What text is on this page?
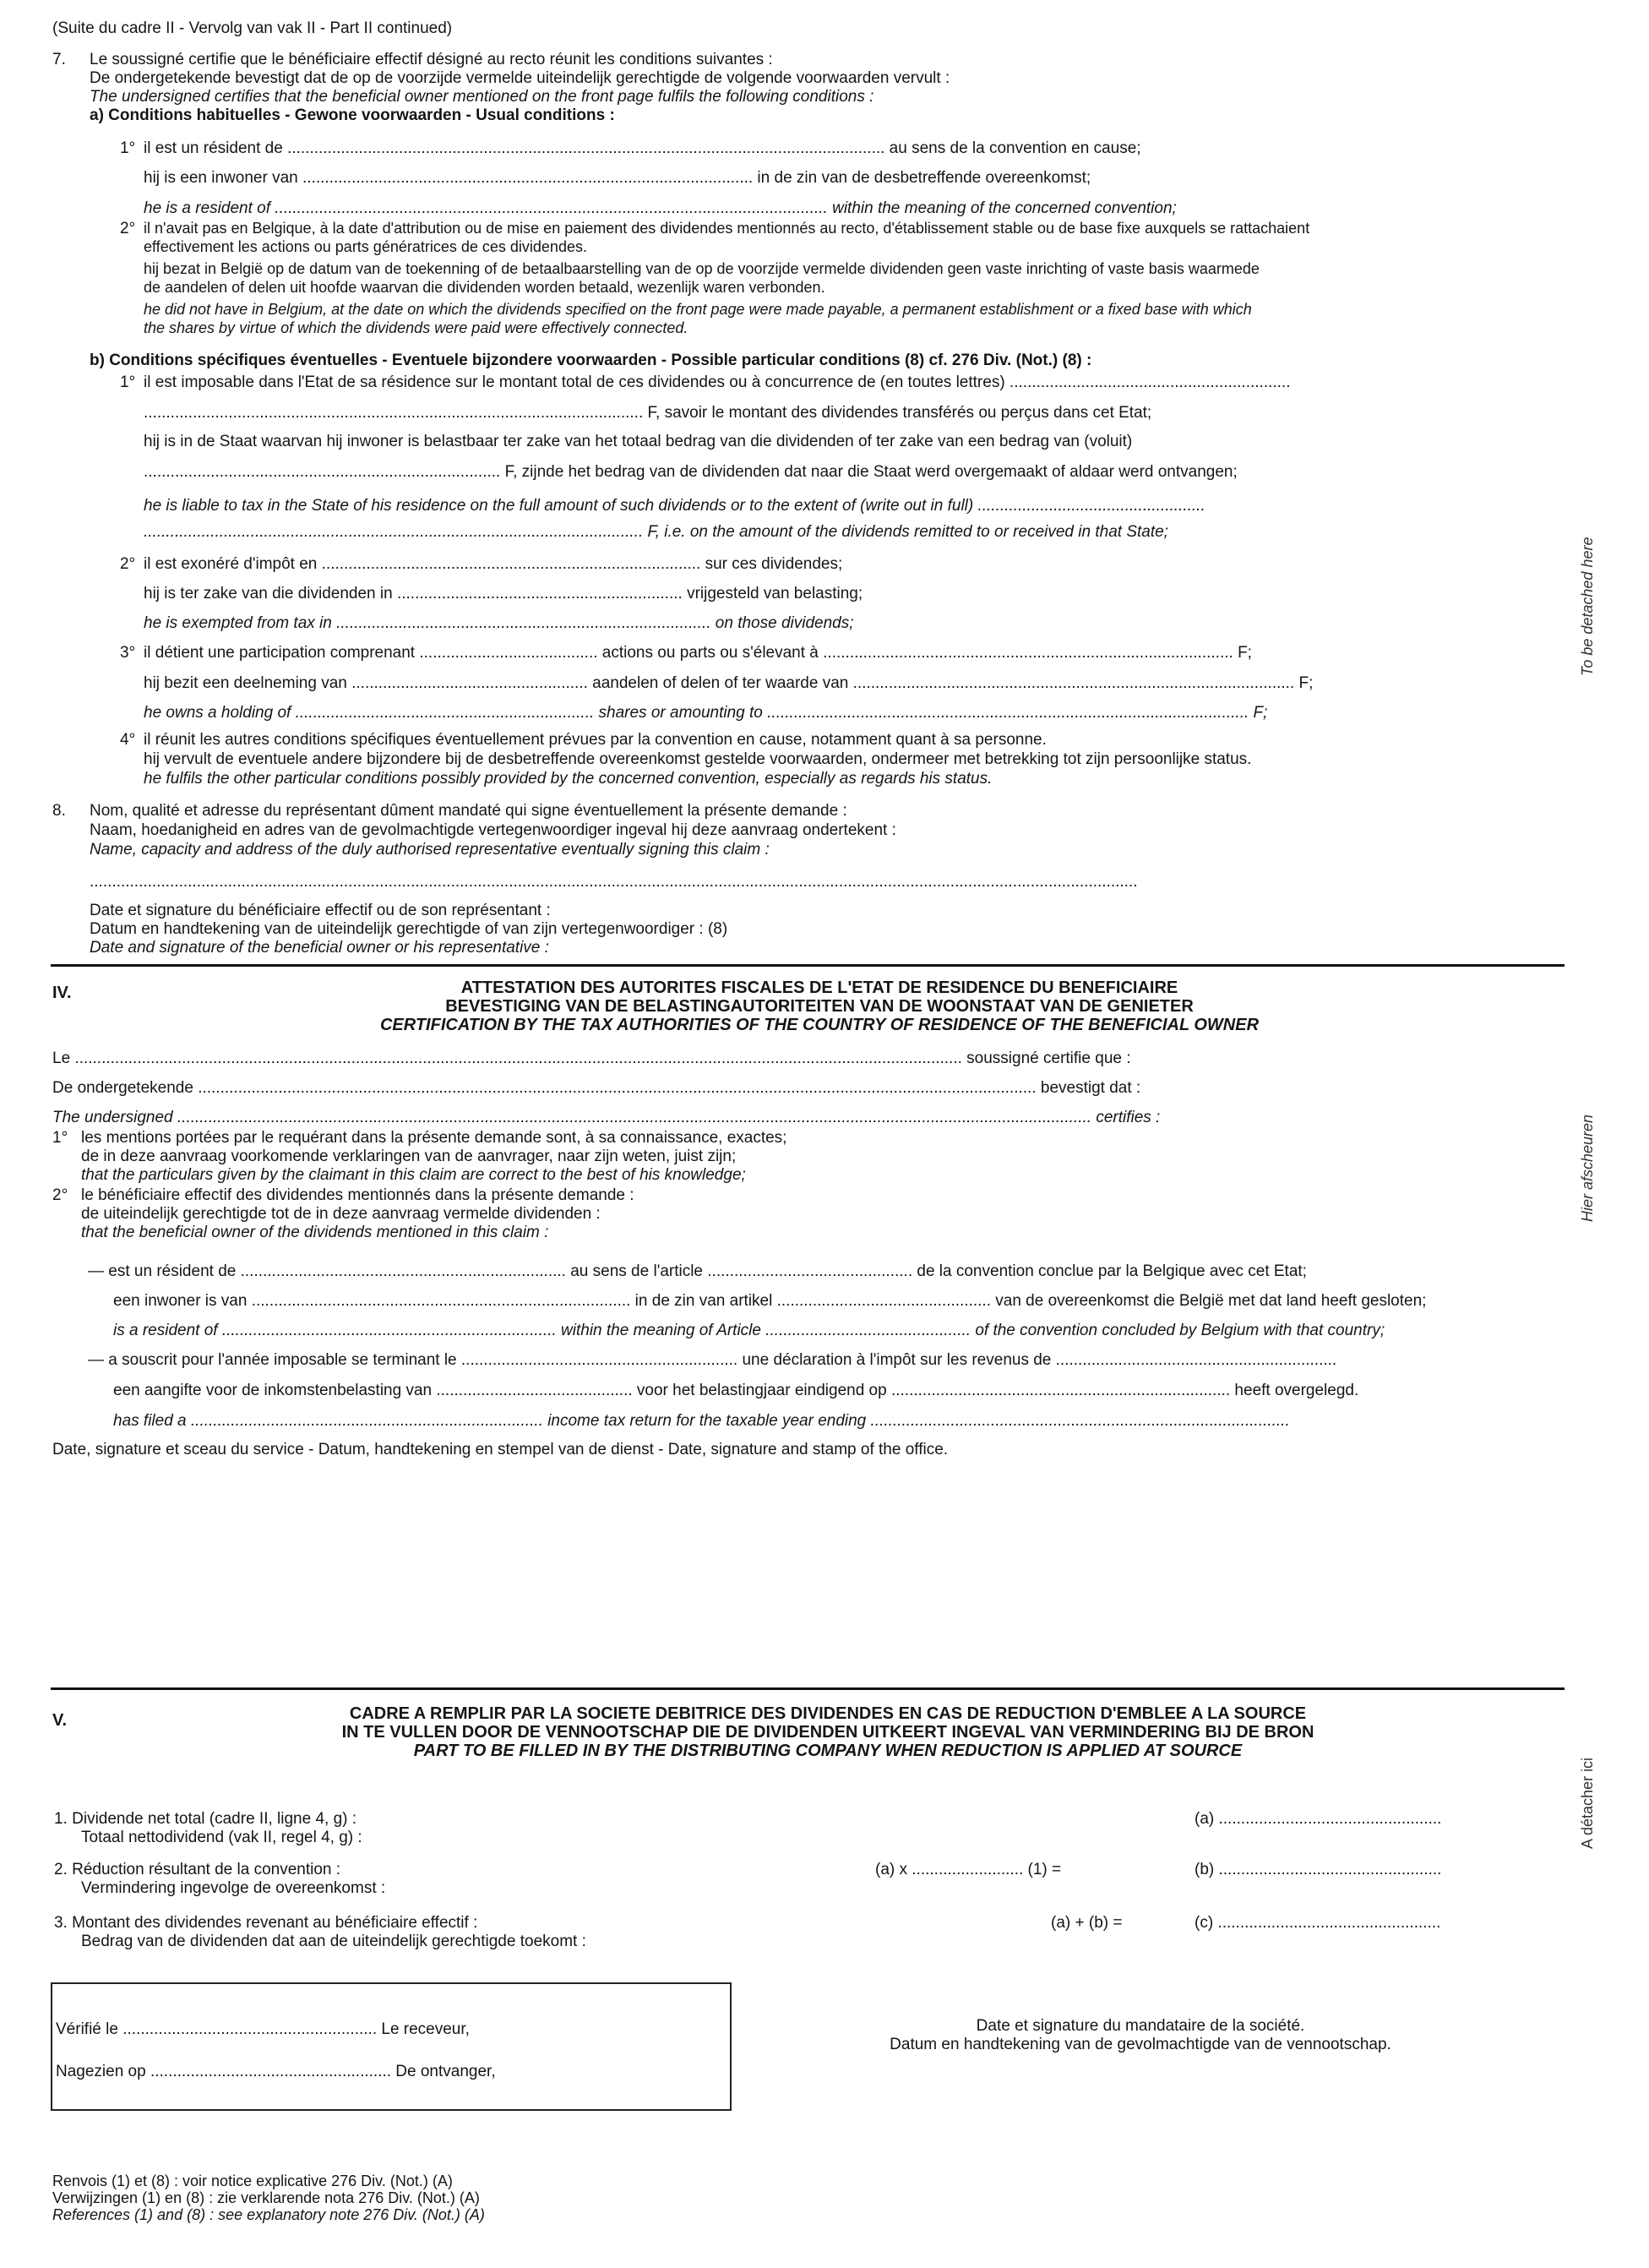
(Suite du cadre II - Vervolg van vak II - Part II continued)
7. Le soussigné certifie que le bénéficiaire effectif désigné au recto réunit les conditions suivantes :
De ondergetekende bevestigt dat de op de voorzijde vermelde uiteindelijk gerechtigde de volgende voorwaarden vervult :
The undersigned certifies that the beneficial owner mentioned on the front page fulfils the following conditions :
a) Conditions habituelles - Gewone voorwaarden - Usual conditions :
1° il est un résident de ...................................................................................................................................... au sens de la convention en cause;
hij is een inwoner van ..................................................................................................... in de zin van de desbetreffende overeenkomst;
he is a resident of ............................................................................................................................ within the meaning of the concerned convention;
2° il n'avait pas en Belgique, à la date d'attribution ou de mise en paiement des dividendes mentionnés au recto, d'établissement stable ou de base fixe auxquels se rattachaient
effectivement les actions ou parts génératrices de ces dividendes.
hij bezat in België op de datum van de toekenning of de betaalbaarstelling van de op de voorzijde vermelde dividenden geen vaste inrichting of vaste basis waarmede
de aandelen of delen uit hoofde waarvan die dividenden worden betaald, wezenlijk waren verbonden.
he did not have in Belgium, at the date on which the dividends specified on the front page were made payable, a permanent establishment or a fixed base with which
the shares by virtue of which the dividends were paid were effectively connected.
b) Conditions spécifiques éventuelles - Eventuele bijzondere voorwaarden - Possible particular conditions (8) cf. 276 Div. (Not.) (8) :
1° il est imposable dans l'Etat de sa résidence sur le montant total de ces dividendes ou à concurrence de (en toutes lettres) ...............................................................
................................................................................................................ F, savoir le montant des dividendes transférés ou perçus dans cet Etat;
hij is in de Staat waarvan hij inwoner is belastbaar ter zake van het totaal bedrag van die dividenden of ter zake van een bedrag van (voluit)
................................................................................ F, zijnde het bedrag van de dividenden dat naar die Staat werd overgemaakt of aldaar werd ontvangen;
he is liable to tax in the State of his residence on the full amount of such dividends or to the extent of (write out in full) ...................................................
................................................................................................................ F, i.e. on the amount of the dividends remitted to or received in that State;
2° il est exonéré d'impôt en ..................................................................................... sur ces dividendes;
hij is ter zake van die dividenden in ................................................................ vrijgesteld van belasting;
he is exempted from tax in .................................................................................... on those dividends;
3° il détient une participation comprenant ........................................ actions ou parts ou s'élevant à ............................................................................................ F;
hij bezit een deelneming van ..................................................... aandelen of delen of ter waarde van ................................................................................................... F;
he owns a holding of ................................................................... shares or amounting to ............................................................................................................ F;
4° il réunit les autres conditions spécifiques éventuellement prévues par la convention en cause, notamment quant à sa personne.
hij vervult de eventuele andere bijzondere bij de desbetreffende overeenkomst gestelde voorwaarden, ondermeer met betrekking tot zijn persoonlijke status.
he fulfils the other particular conditions possibly provided by the concerned convention, especially as regards his status.
8. Nom, qualité et adresse du représentant dûment mandaté qui signe éventuellement la présente demande :
Naam, hoedanigheid en adres van de gevolmachtigde vertegenwoordiger ingeval hij deze aanvraag ondertekent :
Name, capacity and address of the duly authorised representative eventually signing this claim :
...........................................................................................................................................................................................................................................
Date et signature du bénéficiaire effectif ou de son représentant :
Datum en handtekening van de uiteindelijk gerechtigde of van zijn vertegenwoordiger : (8)
Date and signature of the beneficial owner or his representative :
IV.	ATTESTATION DES AUTORITES FISCALES DE L'ETAT DE RESIDENCE DU BENEFICIAIRE
BEVESTIGING VAN DE BELASTINGAUTORITEITEN VAN DE WOONSTAAT VAN DE GENIETER
CERTIFICATION BY THE TAX AUTHORITIES OF THE COUNTRY OF RESIDENCE OF THE BENEFICIAL OWNER
Le ....................................................................................................................................................................................................... soussigné certifie que :
De ondergetekende ............................................................................................................................................................................................ bevestigt dat :
The undersigned ............................................................................................................................................................................................................. certifies :
1° les mentions portées par le requérant dans la présente demande sont, à sa connaissance, exactes;
de in deze aanvraag voorkomende verklaringen van de aanvrager, naar zijn weten, juist zijn;
that the particulars given by the claimant in this claim are correct to the best of his knowledge;
2° le bénéficiaire effectif des dividendes mentionnés dans la présente demande :
de uiteindelijk gerechtigde tot de in deze aanvraag vermelde dividenden :
that the beneficial owner of the dividends mentioned in this claim :
— est un résident de ......................................................................... au sens de l'article .............................................. de la convention conclue par la Belgique avec cet Etat;
een inwoner is van ..................................................................................... in de zin van artikel ................................................ van de overeenkomst die België met dat land heeft gesloten;
is a resident of ........................................................................... within the meaning of Article .............................................. of the convention concluded by Belgium with that country;
— a souscrit pour l'année imposable se terminant le .............................................................. une déclaration à l'impôt sur les revenus de ...............................................................
een aangifte voor de inkomstenbelasting van ............................................ voor het belastingjaar eindigend op ............................................................................ heeft overgelegd.
has filed a ............................................................................... income tax return for the taxable year ending ..............................................................................................
Date, signature et sceau du service - Datum, handtekening en stempel van de dienst - Date, signature and stamp of the office.
V.	CADRE A REMPLIR PAR LA SOCIETE DEBITRICE DES DIVIDENDES EN CAS DE REDUCTION D'EMBLEE A LA SOURCE
IN TE VULLEN DOOR DE VENNOOTSCHAP DIE DE DIVIDENDEN UITKEERT INGEVAL VAN VERMINDERING BIJ DE BRON
PART TO BE FILLED IN BY THE DISTRIBUTING COMPANY WHEN REDUCTION IS APPLIED AT SOURCE
1. Dividende net total (cadre II, ligne 4, g) :
Totaal nettodividend (vak II, regel 4, g) :
(a) ..................................................
2. Réduction résultant de la convention :
Vermindering ingevolge de overeenkomst :
(a) x ......................... (1) =	(b) ..................................................
3. Montant des dividendes revenant au bénéficiaire effectif :
Bedrag van de dividenden dat aan de uiteindelijk gerechtigde toekomt :
(a) + (b) =	(c) ..................................................
Vérifié le ......................................................... Le receveur,
Nagezien op ...................................................... De ontvanger,
Date et signature du mandataire de la société.
Datum en handtekening van de gevolmachtigde van de vennootschap.
Renvois (1) et (8) : voir notice explicative 276 Div. (Not.) (A)
Verwijzingen (1) en (8) : zie verklarende nota 276 Div. (Not.) (A)
References (1) and (8) : see explanatory note 276 Div. (Not.) (A)
To be detached here
Hier afscheuren
A détacher ici
